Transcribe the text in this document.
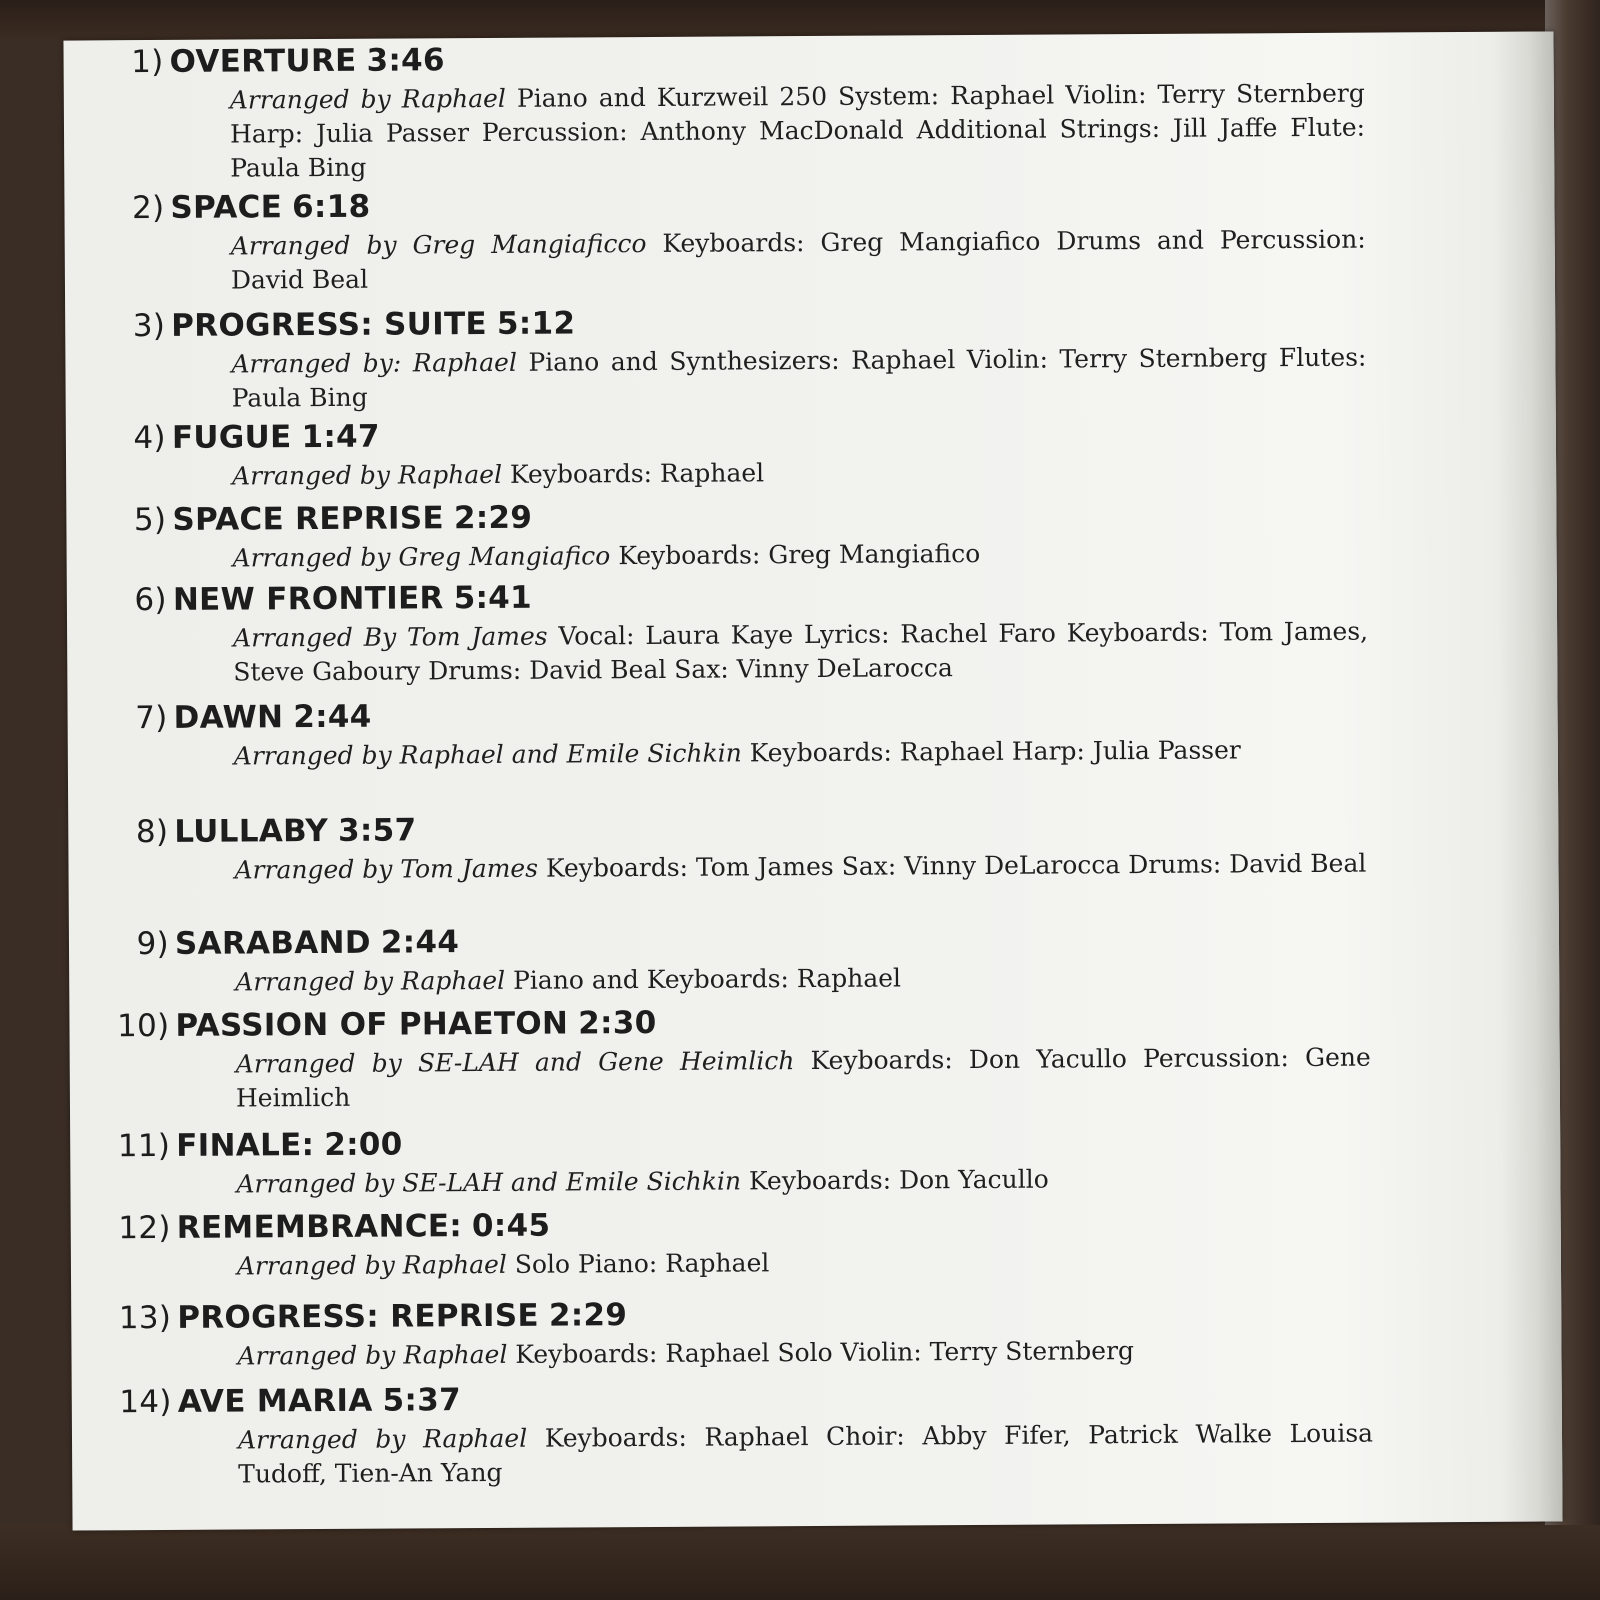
1) OVERTURE 3:46
Arranged by Raphael Piano and Kurzweil 250 System: Raphael Violin: Terry Sternberg Harp: Julia Passer Percussion: Anthony MacDonald Additional Strings: Jill Jaffe Flute: Paula Bing
2) SPACE 6:18
Arranged by Greg Mangiaficco Keyboards: Greg Mangiafico Drums and Percussion: David Beal
3) PROGRESS: SUITE 5:12
Arranged by: Raphael Piano and Synthesizers: Raphael Violin: Terry Sternberg Flutes: Paula Bing
4) FUGUE 1:47
Arranged by Raphael Keyboards: Raphael
5) SPACE REPRISE 2:29
Arranged by Greg Mangiafico Keyboards: Greg Mangiafico
6) NEW FRONTIER 5:41
Arranged By Tom James Vocal: Laura Kaye Lyrics: Rachel Faro Keyboards: Tom James, Steve Gaboury Drums: David Beal Sax: Vinny DeLarocca
7) DAWN 2:44
Arranged by Raphael and Emile Sichkin Keyboards: Raphael Harp: Julia Passer
8) LULLABY 3:57
Arranged by Tom James Keyboards: Tom James Sax: Vinny DeLarocca Drums: David Beal
9) SARABAND 2:44
Arranged by Raphael Piano and Keyboards: Raphael
10) PASSION OF PHAETON 2:30
Arranged by SE-LAH and Gene Heimlich Keyboards: Don Yacullo Percussion: Gene Heimlich
11) FINALE: 2:00
Arranged by SE-LAH and Emile Sichkin Keyboards: Don Yacullo
12) REMEMBRANCE: 0:45
Arranged by Raphael Solo Piano: Raphael
13) PROGRESS: REPRISE 2:29
Arranged by Raphael Keyboards: Raphael Solo Violin: Terry Sternberg
14) AVE MARIA 5:37
Arranged by Raphael Keyboards: Raphael Choir: Abby Fifer, Patrick Walke Louisa Tudoff, Tien-An Yang
